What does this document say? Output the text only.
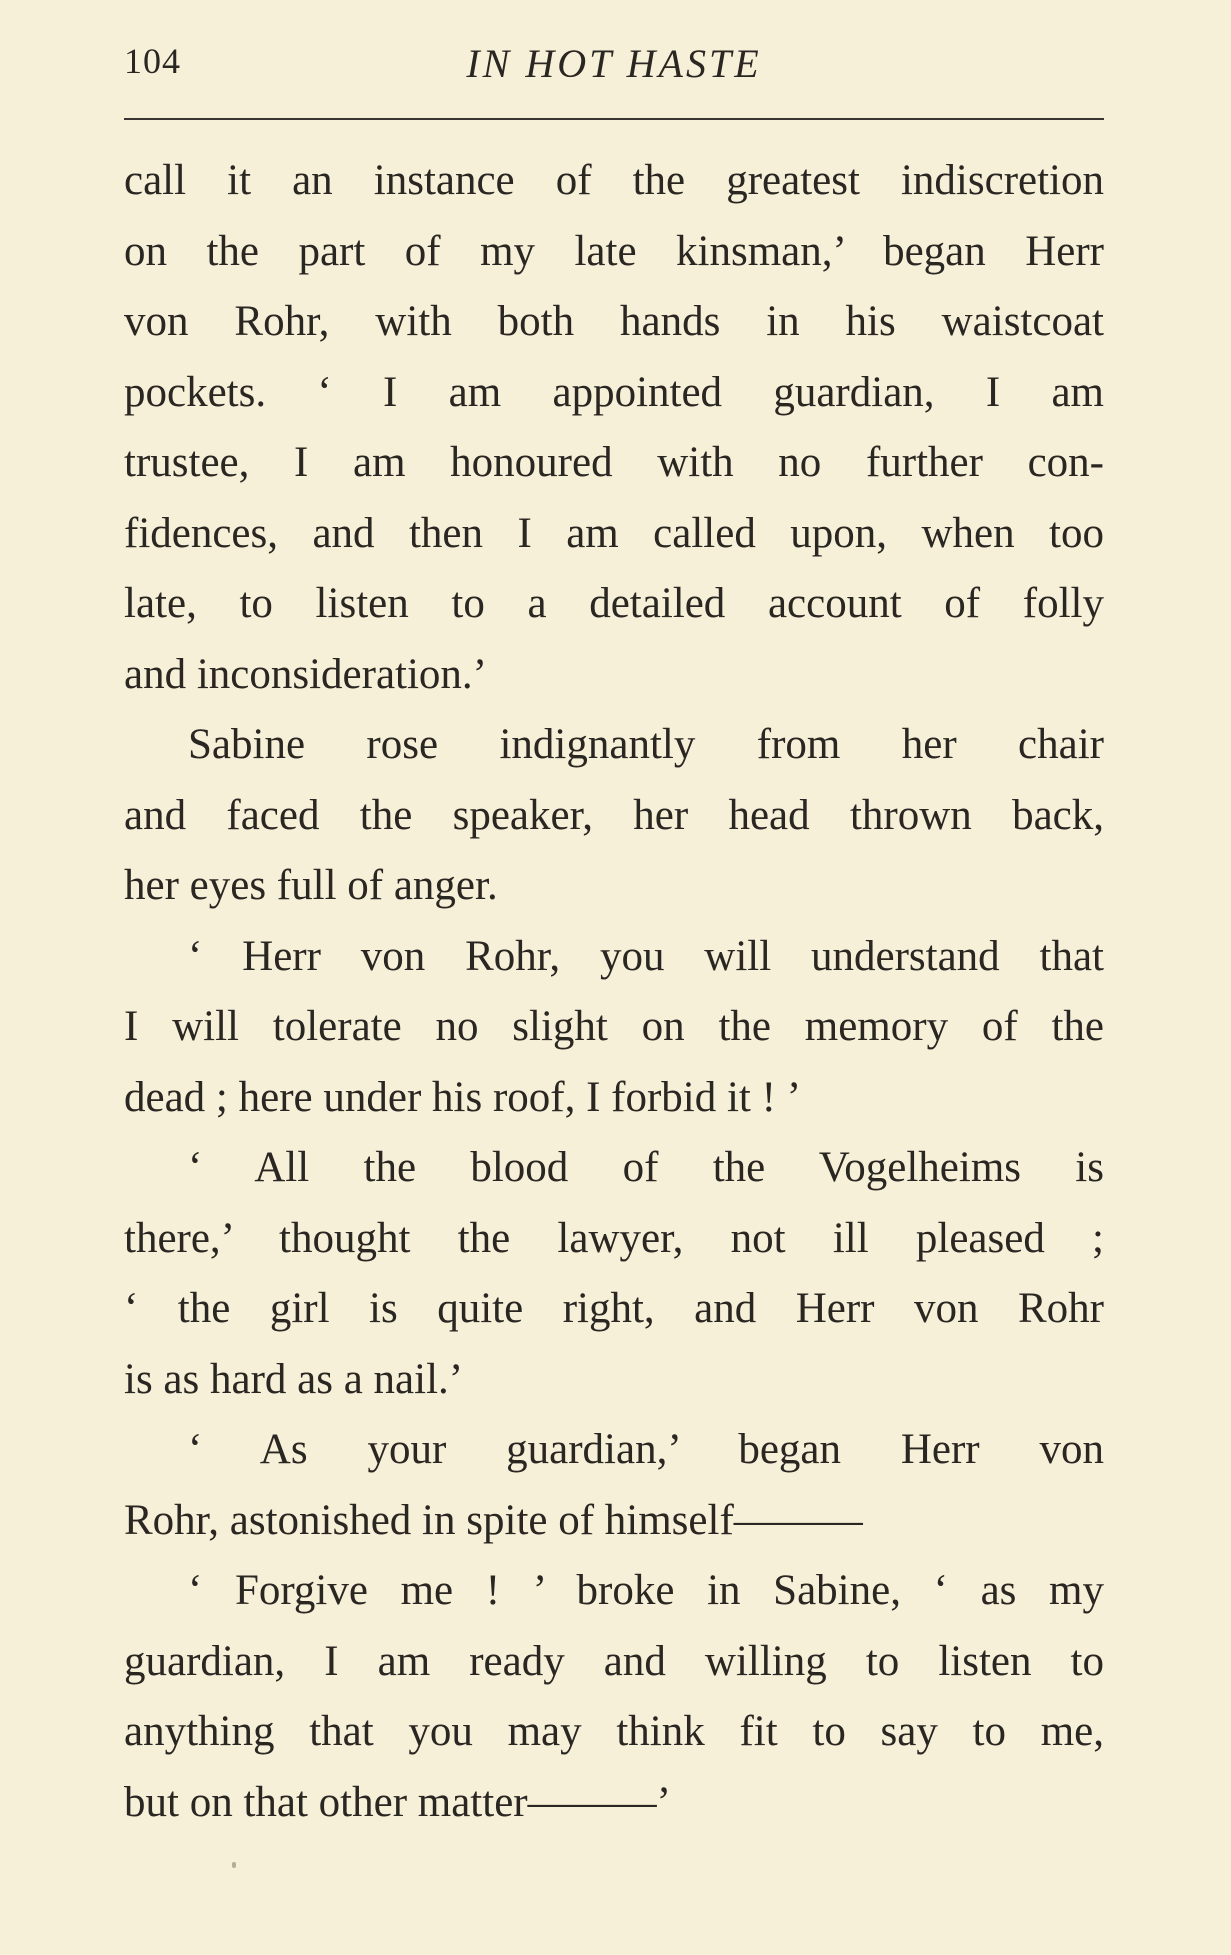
104	IN HOT HASTE
call it an instance of the greatest indiscretion
on the part of my late kinsman,’ began Herr
von Rohr, with both hands in his waistcoat
pockets. ‘ I am appointed guardian, I am
trustee, I am honoured with no further con-
fidences, and then I am called upon, when too
late, to listen to a detailed account of folly
and inconsideration.’
Sabine rose indignantly from her chair
and faced the speaker, her head thrown back,
her eyes full of anger.
‘ Herr von Rohr, you will understand that
I will tolerate no slight on the memory of the
dead ; here under his roof, I forbid it ! ’
‘ All the blood of the Vogelheims is
there,’ thought the lawyer, not ill pleased ;
‘ the girl is quite right, and Herr von Rohr
is as hard as a nail.’
‘ As your guardian,’ began Herr von
Rohr, astonished in spite of himself———
‘ Forgive me ! ’ broke in Sabine, ‘ as my
guardian, I am ready and willing to listen to
anything that you may think fit to say to me,
but on that other matter———’
